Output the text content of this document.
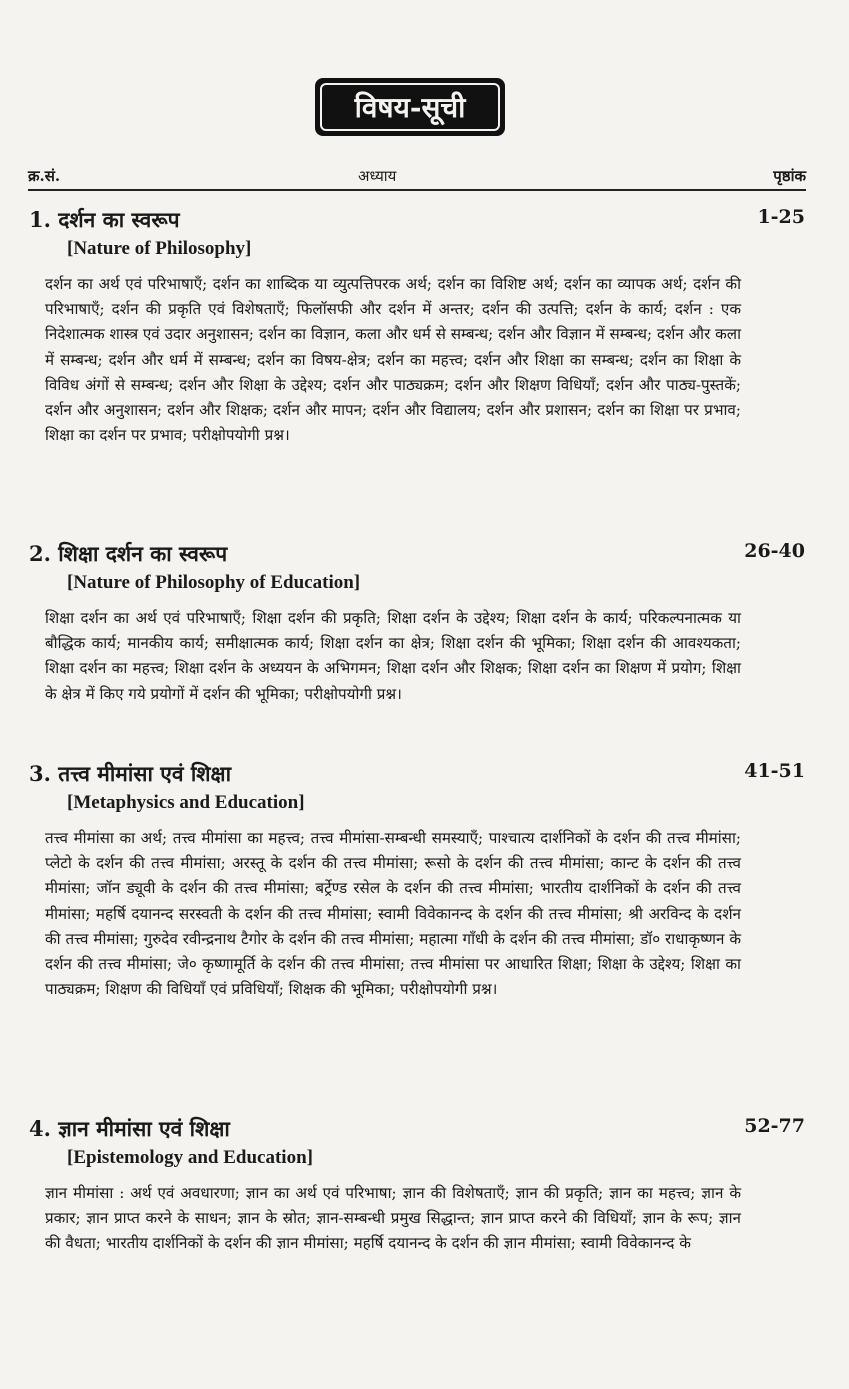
विषय-सूची
क्र.सं.	अध्याय	पृष्ठांक
1. दर्शन का स्वरूप	1-25
[Nature of Philosophy]
दर्शन का अर्थ एवं परिभाषाएँ; दर्शन का शाब्दिक या व्युत्पत्तिपरक अर्थ; दर्शन का विशिष्ट अर्थ; दर्शन का व्यापक अर्थ; दर्शन की परिभाषाएँ; दर्शन की प्रकृति एवं विशेषताएँ; फिलॉसफी और दर्शन में अन्तर; दर्शन की उत्पत्ति; दर्शन के कार्य; दर्शन : एक निदेशात्मक शास्त्र एवं उदार अनुशासन; दर्शन का विज्ञान, कला और धर्म से सम्बन्ध; दर्शन और विज्ञान में सम्बन्ध; दर्शन और कला में सम्बन्ध; दर्शन और धर्म में सम्बन्ध; दर्शन का विषय-क्षेत्र; दर्शन का महत्त्व; दर्शन और शिक्षा का सम्बन्ध; दर्शन का शिक्षा के विविध अंगों से सम्बन्ध; दर्शन और शिक्षा के उद्देश्य; दर्शन और पाठ्यक्रम; दर्शन और शिक्षण विधियाँ; दर्शन और पाठ्य-पुस्तकें; दर्शन और अनुशासन; दर्शन और शिक्षक; दर्शन और मापन; दर्शन और विद्यालय; दर्शन और प्रशासन; दर्शन का शिक्षा पर प्रभाव; शिक्षा का दर्शन पर प्रभाव; परीक्षोपयोगी प्रश्न।
2. शिक्षा दर्शन का स्वरूप	26-40
[Nature of Philosophy of Education]
शिक्षा दर्शन का अर्थ एवं परिभाषाएँ; शिक्षा दर्शन की प्रकृति; शिक्षा दर्शन के उद्देश्य; शिक्षा दर्शन के कार्य; परिकल्पनात्मक या बौद्धिक कार्य; मानकीय कार्य; समीक्षात्मक कार्य; शिक्षा दर्शन का क्षेत्र; शिक्षा दर्शन की भूमिका; शिक्षा दर्शन की आवश्यकता; शिक्षा दर्शन का महत्त्व; शिक्षा दर्शन के अध्ययन के अभिगमन; शिक्षा दर्शन और शिक्षक; शिक्षा दर्शन का शिक्षण में प्रयोग; शिक्षा के क्षेत्र में किए गये प्रयोगों में दर्शन की भूमिका; परीक्षोपयोगी प्रश्न।
3. तत्त्व मीमांसा एवं शिक्षा	41-51
[Metaphysics and Education]
तत्त्व मीमांसा का अर्थ; तत्त्व मीमांसा का महत्त्व; तत्त्व मीमांसा-सम्बन्धी समस्याएँ; पाश्चात्य दार्शनिकों के दर्शन की तत्त्व मीमांसा; प्लेटो के दर्शन की तत्त्व मीमांसा; अरस्तू के दर्शन की तत्त्व मीमांसा; रूसो के दर्शन की तत्त्व मीमांसा; कान्ट के दर्शन की तत्त्व मीमांसा; जॉन ड्यूवी के दर्शन की तत्त्व मीमांसा; बर्ट्रेण्ड रसेल के दर्शन की तत्त्व मीमांसा; भारतीय दार्शनिकों के दर्शन की तत्त्व मीमांसा; महर्षि दयानन्द सरस्वती के दर्शन की तत्त्व मीमांसा; स्वामी विवेकानन्द के दर्शन की तत्त्व मीमांसा; श्री अरविन्द के दर्शन की तत्त्व मीमांसा; गुरुदेव रवीन्द्रनाथ टैगोर के दर्शन की तत्त्व मीमांसा; महात्मा गाँधी के दर्शन की तत्त्व मीमांसा; डॉ० राधाकृष्णन के दर्शन की तत्त्व मीमांसा; जे० कृष्णामूर्ति के दर्शन की तत्त्व मीमांसा; तत्त्व मीमांसा पर आधारित शिक्षा; शिक्षा के उद्देश्य; शिक्षा का पाठ्यक्रम; शिक्षण की विधियाँ एवं प्रविधियाँ; शिक्षक की भूमिका; परीक्षोपयोगी प्रश्न।
4. ज्ञान मीमांसा एवं शिक्षा	52-77
[Epistemology and Education]
ज्ञान मीमांसा : अर्थ एवं अवधारणा; ज्ञान का अर्थ एवं परिभाषा; ज्ञान की विशेषताएँ; ज्ञान की प्रकृति; ज्ञान का महत्त्व; ज्ञान के प्रकार; ज्ञान प्राप्त करने के साधन; ज्ञान के स्रोत; ज्ञान-सम्बन्धी प्रमुख सिद्धान्त; ज्ञान प्राप्त करने की विधियाँ; ज्ञान के रूप; ज्ञान की वैधता; भारतीय दार्शनिकों के दर्शन की ज्ञान मीमांसा; महर्षि दयानन्द के दर्शन की ज्ञान मीमांसा; स्वामी विवेकानन्द के
